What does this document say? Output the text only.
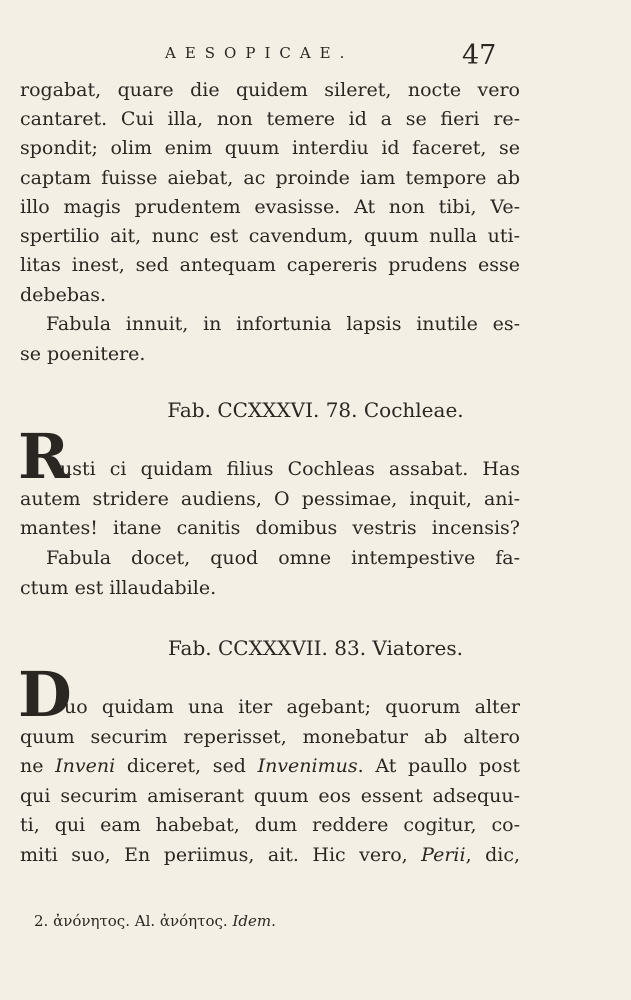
AESOPICAE.	47
rogabat, quare die quidem sileret, nocte vero
cantaret. Cui illa, non temere id a se fieri re-
spondit; olim enim quum interdiu id faceret, se
captam fuisse aiebat, ac proinde iam tempore ab
illo magis prudentem evasisse. At non tibi, Ve-
spertilio ait, nunc est cavendum, quum nulla uti-
litas inest, sed antequam capereris prudens esse
debebas.
Fabula innuit, in infortunia lapsis inutile es-
se poenitere.
Fab. CCXXXVI. 78. Cochleae.
R
usti ci quidam filius Cochleas assabat. Has
autem stridere audiens, O pessimae, inquit, ani-
mantes! itane canitis domibus vestris incensis?
Fabula docet, quod omne intempestive fa-
ctum est illaudabile.
Fab. CCXXXVII. 83. Viatores.
D
uo quidam una iter agebant; quorum alter
quum securim reperisset, monebatur ab altero
ne Inveni diceret, sed Invenimus. At paullo post
qui securim amiserant quum eos essent adsequu-
ti, qui eam habebat, dum reddere cogitur, co-
miti suo, En periimus, ait. Hic vero, Perii, dic,
2. ἀνόνητος. Al. ἀνόητος. Idem.
